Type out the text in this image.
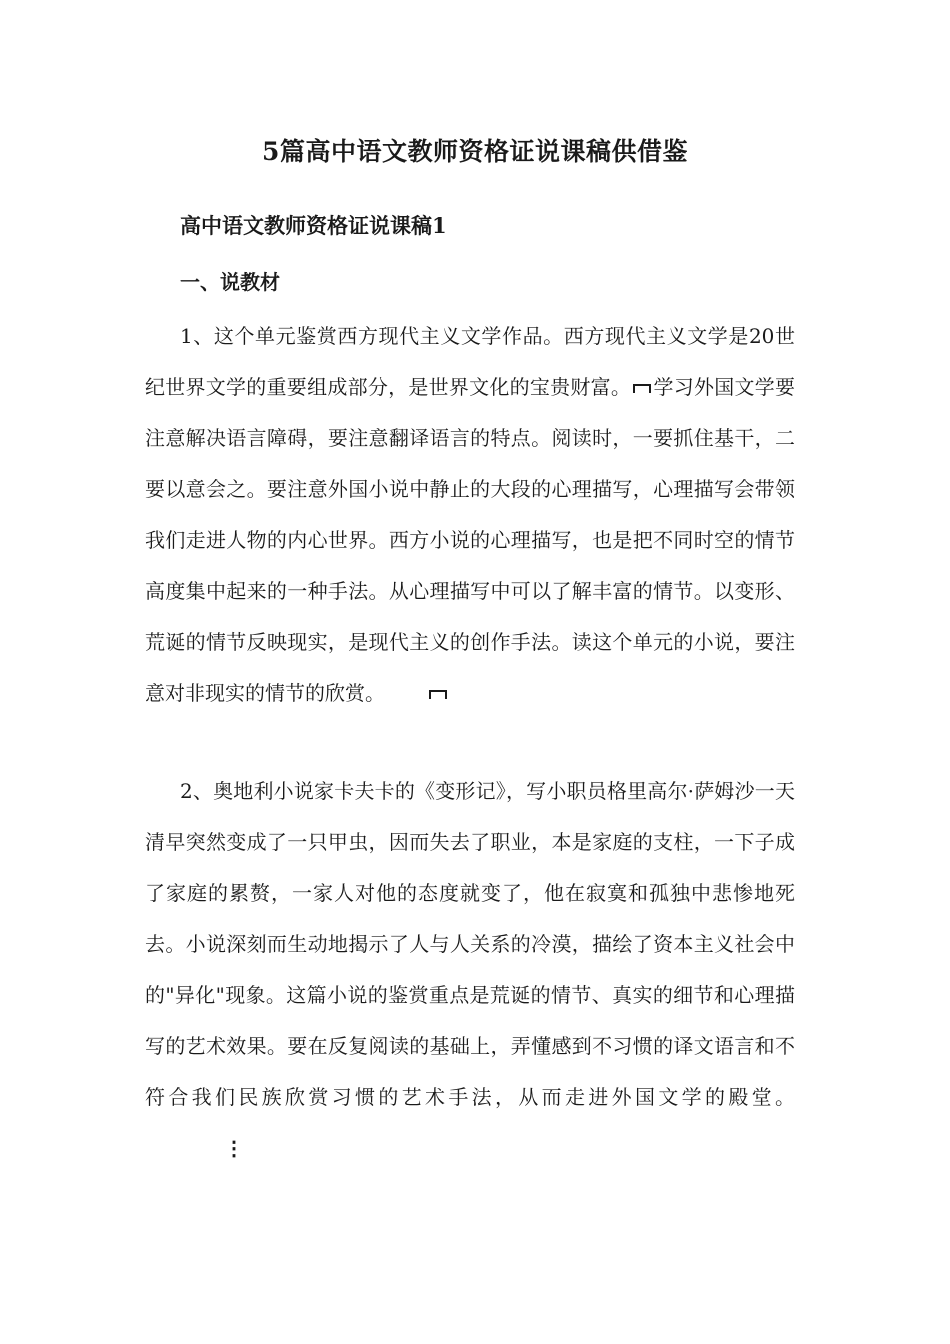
5篇高中语文教师资格证说课稿供借鉴
高中语文教师资格证说课稿1
一、说教材

1、这个单元鉴赏西方现代主义文学作品。西方现代主义文学是20世纪世界文学的重要组成部分，是世界文化的宝贵财富。 学习外国文学要注意解决语言障碍，要注意翻译语言的特点。阅读时，一要抓住基干，二要以意会之。要注意外国小说中静止的大段的心理描写，心理描写会带领我们走进人物的内心世界。西方小说的心理描写，也是把不同时空的情节高度集中起来的一种手法。从心理描写中可以了解丰富的情节。以变形、荒诞的情节反映现实，是现代主义的创作手法。读这个单元的小说，要注意对非现实的情节的欣赏。

2、奥地利小说家卡夫卡的《变形记》，写小职员格里高尔·萨姆沙一天清早突然变成了一只甲虫，因而失去了职业，本是家庭的支柱，一下子成了家庭的累赘，一家人对他的态度就变了，他在寂寞和孤独中悲惨地死去。小说深刻而生动地揭示了人与人关系的冷漠，描绘了资本主义社会中的"异化"现象。这篇小说的鉴赏重点是荒诞的情节、真实的细节和心理描写的艺术效果。要在反复阅读的基础上，弄懂感到不习惯的译文语言和不符合我们民族欣赏习惯的艺术手法，从而走进外国文学的殿堂。⋮
